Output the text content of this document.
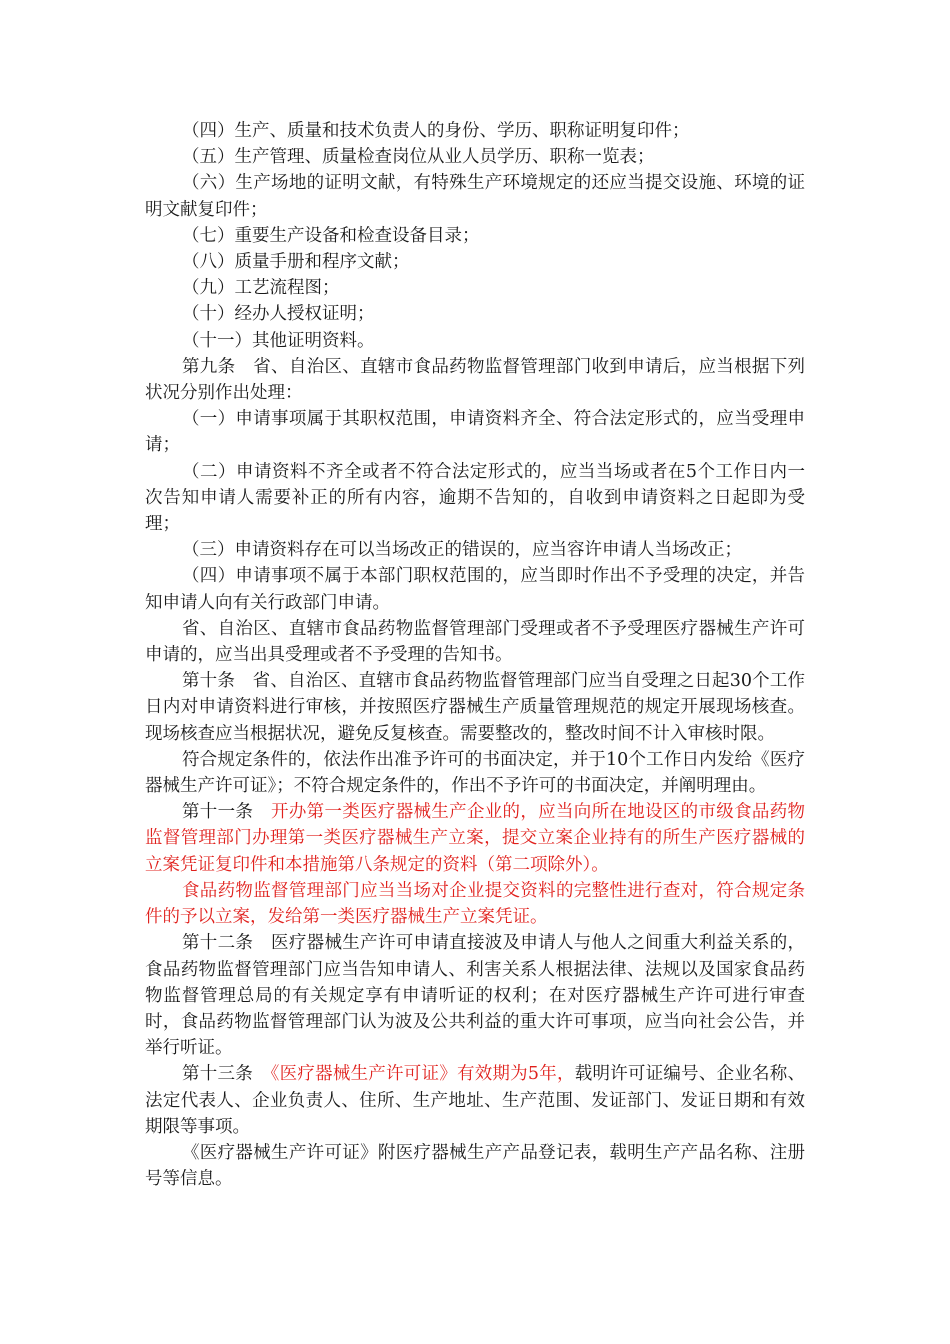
（四）生产、质量和技术负责人的身份、学历、职称证明复印件；

（五）生产管理、质量检查岗位从业人员学历、职称一览表；

（六）生产场地的证明文献，有特殊生产环境规定的还应当提交设施、环境的证明文献复印件；

（七）重要生产设备和检查设备目录；

（八）质量手册和程序文献；

（九）工艺流程图；

（十）经办人授权证明；

（十一）其他证明资料。

第九条　省、自治区、直辖市食品药物监督管理部门收到申请后，应当根据下列状况分别作出处理：

（一）申请事项属于其职权范围，申请资料齐全、符合法定形式的，应当受理申请；

（二）申请资料不齐全或者不符合法定形式的，应当当场或者在5个工作日内一次告知申请人需要补正的所有内容，逾期不告知的，自收到申请资料之日起即为受理；

（三）申请资料存在可以当场改正的错误的，应当容许申请人当场改正；

（四）申请事项不属于本部门职权范围的，应当即时作出不予受理的决定，并告知申请人向有关行政部门申请。

省、自治区、直辖市食品药物监督管理部门受理或者不予受理医疗器械生产许可申请的，应当出具受理或者不予受理的告知书。

第十条　省、自治区、直辖市食品药物监督管理部门应当自受理之日起30个工作日内对申请资料进行审核，并按照医疗器械生产质量管理规范的规定开展现场核查。现场核查应当根据状况，避免反复核查。需要整改的，整改时间不计入审核时限。

符合规定条件的，依法作出准予许可的书面决定，并于10个工作日内发给《医疗器械生产许可证》；不符合规定条件的，作出不予许可的书面决定，并阐明理由。

第十一条　开办第一类医疗器械生产企业的，应当向所在地设区的市级食品药物监督管理部门办理第一类医疗器械生产立案，提交立案企业持有的所生产医疗器械的立案凭证复印件和本措施第八条规定的资料（第二项除外）。

食品药物监督管理部门应当当场对企业提交资料的完整性进行查对，符合规定条件的予以立案，发给第一类医疗器械生产立案凭证。

第十二条　医疗器械生产许可申请直接波及申请人与他人之间重大利益关系的，食品药物监督管理部门应当告知申请人、利害关系人根据法律、法规以及国家食品药物监督管理总局的有关规定享有申请听证的权利；在对医疗器械生产许可进行审查时，食品药物监督管理部门认为波及公共利益的重大许可事项，应当向社会公告，并举行听证。

第十三条　《医疗器械生产许可证》有效期为5年，载明许可证编号、企业名称、法定代表人、企业负责人、住所、生产地址、生产范围、发证部门、发证日期和有效期限等事项。

《医疗器械生产许可证》附医疗器械生产产品登记表，载明生产产品名称、注册号等信息。
